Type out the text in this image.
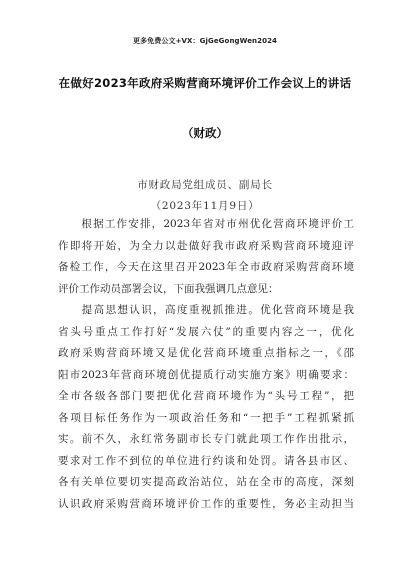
更多免费公文+VX：GjGeGongWen2024
在做好2023年政府采购营商环境评价工作会议上的讲话
（财政）
市财政局党组成员、副局长
（2023年11月9日）
　　根据工作安排，2023年省对市州优化营商环境评价工
作即将开始，为全力以赴做好我市政府采购营商环境迎评
备检工作，今天在这里召开2023年全市政府采购营商环境
评价工作动员部署会议，下面我强调几点意见：
　　提高思想认识，高度重视抓推进。优化营商环境是我
省头号重点工作打好“发展六仗”的重要内容之一，优化
政府采购营商环境又是优化营商环境重点指标之一，《邵
阳市2023年营商环境创优提质行动实施方案》明确要求：
全市各级各部门要把优化营商环境作为“头号工程”，把
各项目标任务作为一项政治任务和“一把手”工程抓紧抓
实。前不久，永红常务副市长专门就此项工作作出批示，
要求对工作不到位的单位进行约谈和处罚。请各县市区、
各有关单位要切实提高政治站位，站在全市的高度，深刻
认识政府采购营商环境评价工作的重要性，务必主动担当
